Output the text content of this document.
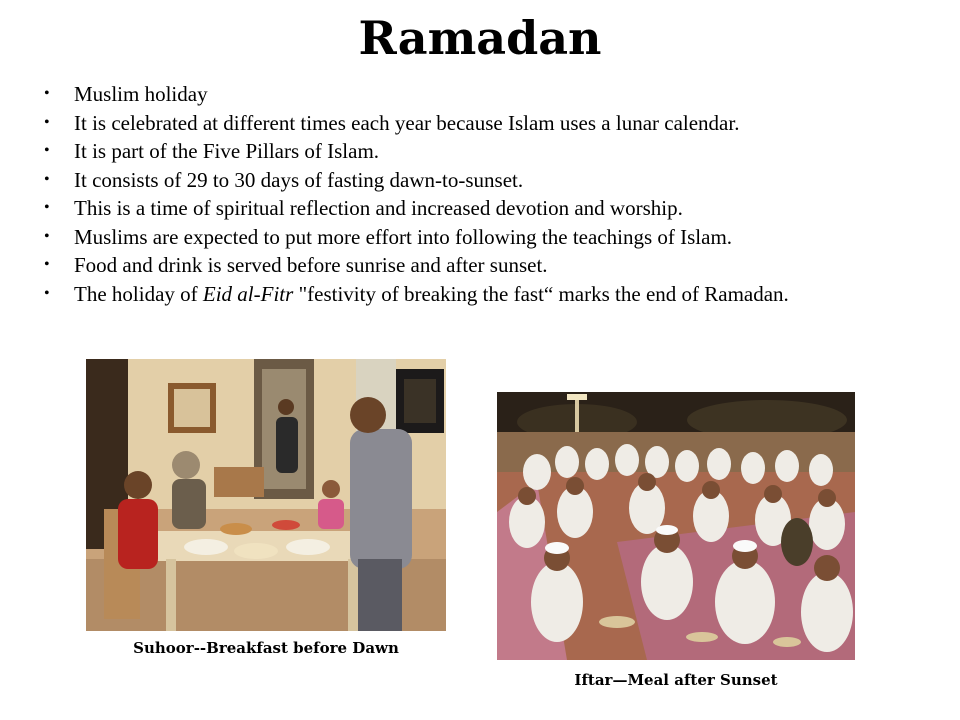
Ramadan
• Muslim holiday
• It is celebrated at different times each year because Islam uses a lunar calendar.
• It is part of the Five Pillars of Islam.
• It consists of 29 to 30 days of fasting dawn-to-sunset.
• This is a time of spiritual reflection and increased devotion and worship.
• Muslims are expected to put more effort into following the teachings of Islam.
• Food and drink is served before sunrise and after sunset.
• The holiday of Eid al-Fitr "festivity of breaking the fast“ marks the end of Ramadan.
Suhoor--Breakfast before Dawn
Iftar—Meal after Sunset
